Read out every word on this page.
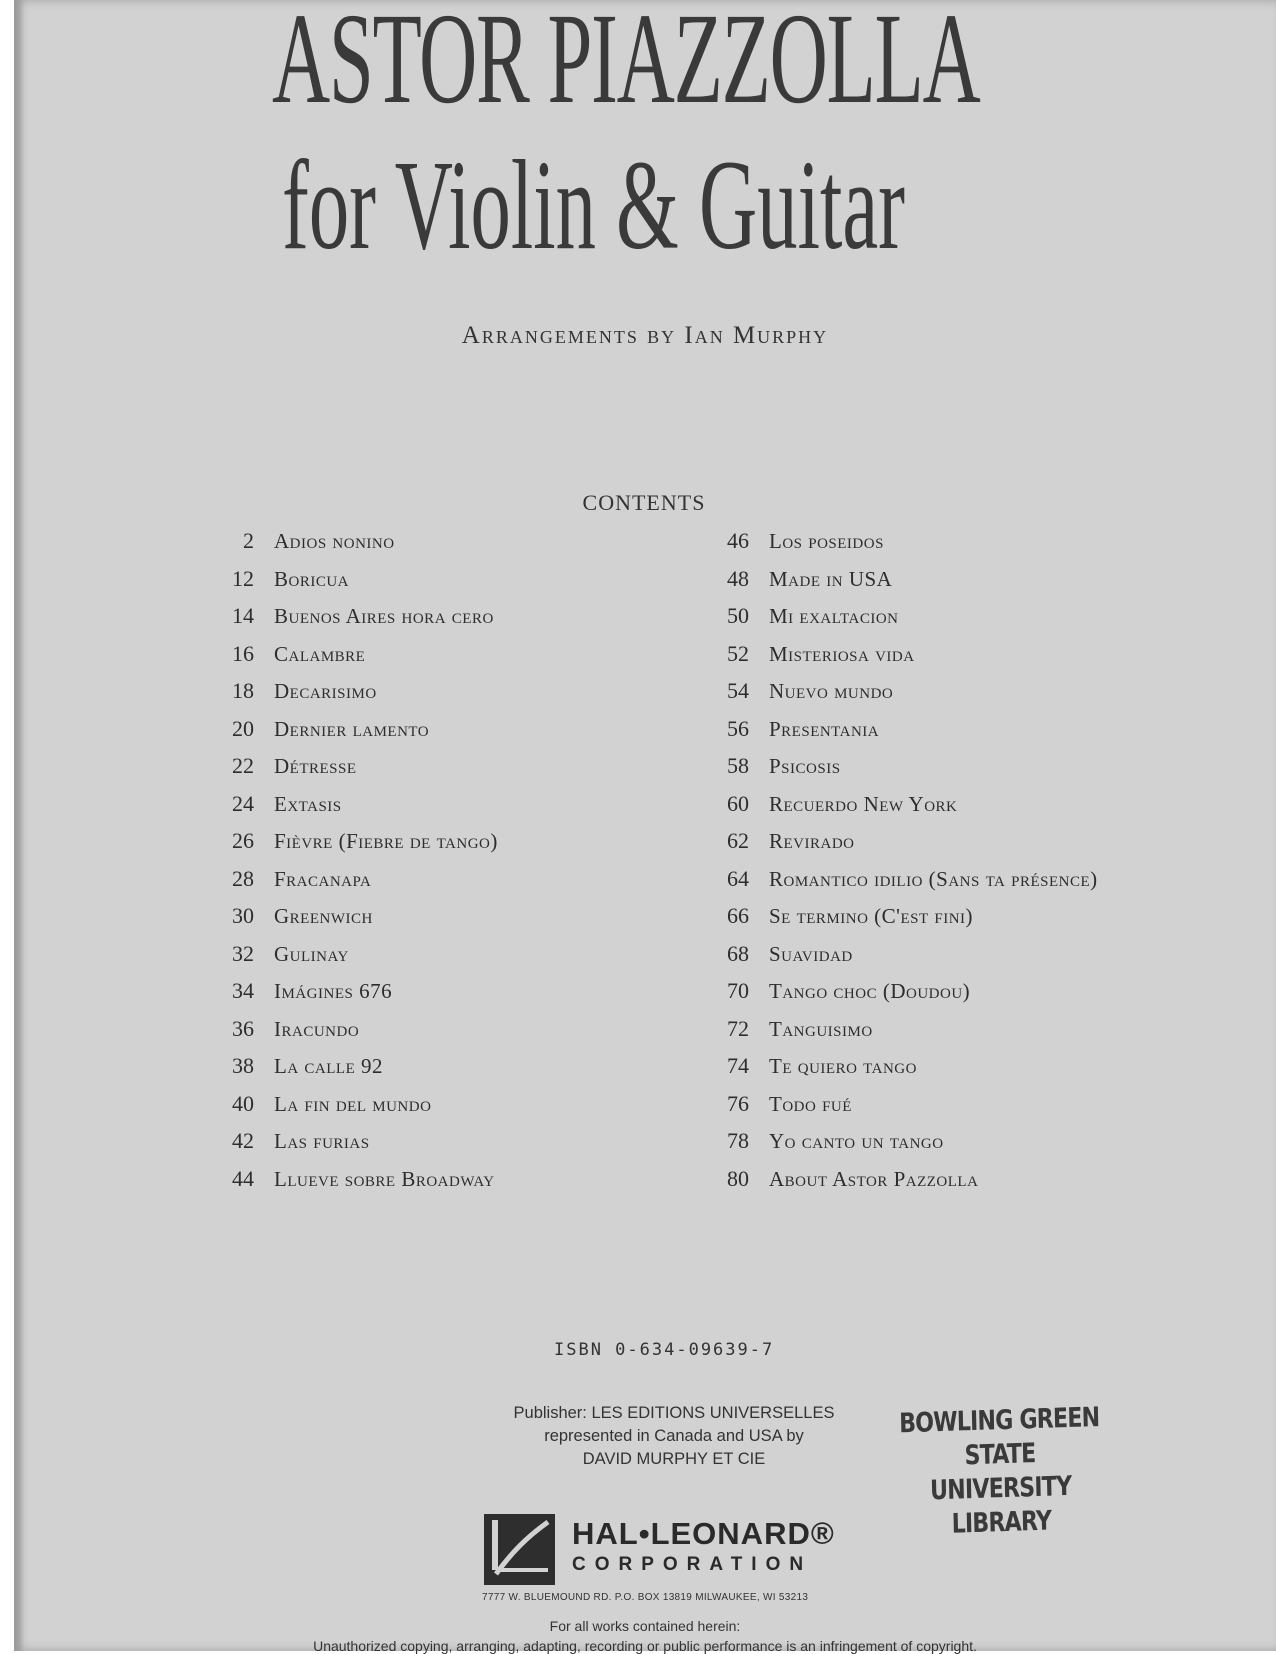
ASTOR PIAZZOLLA
for Violin & Guitar
Arrangements by Ian Murphy
CONTENTS
2 Adios nonino
12 Boricua
14 Buenos Aires hora cero
16 Calambre
18 Decarisimo
20 Dernier lamento
22 Détresse
24 Extasis
26 Fièvre (Fiebre de tango)
28 Fracanapa
30 Greenwich
32 Gulinay
34 Imágines 676
36 Iracundo
38 La calle 92
40 La fin del mundo
42 Las furias
44 Llueve sobre Broadway
46 Los poseidos
48 Made in USA
50 Mi exaltacion
52 Misteriosa vida
54 Nuevo mundo
56 Presentania
58 Psicosis
60 Recuerdo New York
62 Revirado
64 Romantico idilio (Sans ta présence)
66 Se termino (C'est fini)
68 Suavidad
70 Tango choc (Doudou)
72 Tanguisimo
74 Te quiero tango
76 Todo fué
78 Yo canto un tango
80 About Astor Pazzolla
ISBN 0-634-09639-7
Publisher: LES EDITIONS UNIVERSELLES
represented in Canada and USA by
DAVID MURPHY ET CIE
BOWLING GREEN STATE
UNIVERSITY LIBRARY
HAL•LEONARD®
CORPORATION
7777 W. BLUEMOUND RD. P.O. BOX 13819 MILWAUKEE, WI 53213
For all works contained herein:
Unauthorized copying, arranging, adapting, recording or public performance is an infringement of copyright.
